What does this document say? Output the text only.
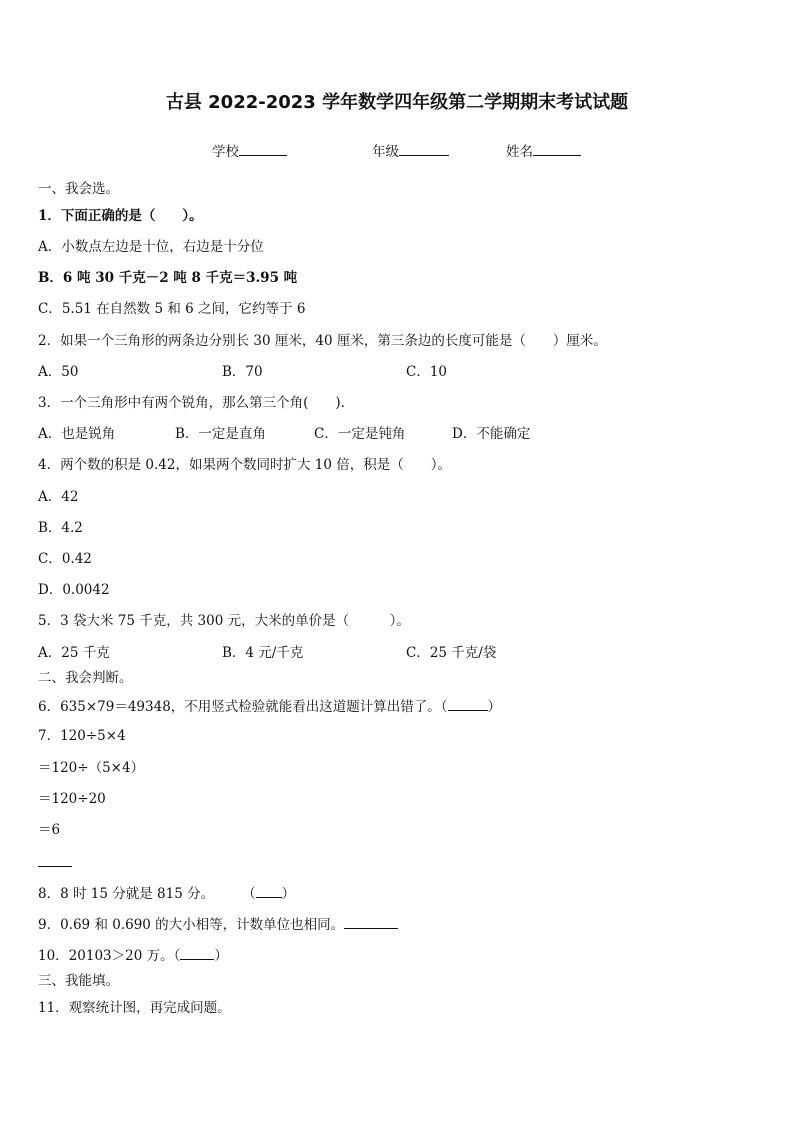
古县 2022-2023 学年数学四年级第二学期期末考试试题
学校	年级	姓名
一、我会选。
1．下面正确的是（　　）。
A．小数点左边是十位，右边是十分位
B．6 吨 30 千克－2 吨 8 千克＝3.95 吨
C．5.51 在自然数 5 和 6 之间，它约等于 6
2．如果一个三角形的两条边分别长 30 厘米，40 厘米，第三条边的长度可能是（　　）厘米。
A．50	B．70	C．10
3．一个三角形中有两个锐角，那么第三个角(　　).
A．也是锐角	B．一定是直角	C．一定是钝角	D．不能确定
4．两个数的积是 0.42，如果两个数同时扩大 10 倍，积是（　　）。
A．42
B．4.2
C．0.42
D．0.0042
5．3 袋大米 75 千克，共 300 元，大米的单价是（　　　）。
A．25 千克	B．4 元/千克	C．25 千克/袋
二、我会判断。
6．635×79＝49348，不用竖式检验就能看出这道题计算出错了。（	）
7．120÷5×4
＝120÷（5×4）
＝120÷20
＝6
8．8 时 15 分就是 815 分。 （ ）
9．0.69 和 0.690 的大小相等，计数单位也相同。
10．20103＞20 万。（	）
三、我能填。
11．观察统计图，再完成问题。
